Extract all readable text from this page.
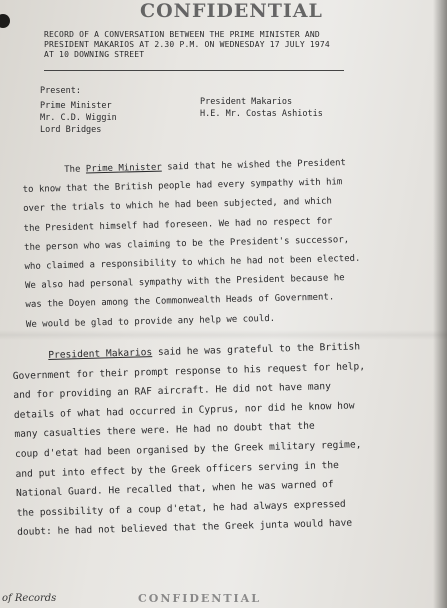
CONFIDENTIAL
RECORD OF A CONVERSATION BETWEEN THE PRIME MINISTER AND
PRESIDENT MAKARIOS AT 2.30 P.M. ON WEDNESDAY 17 JULY 1974
AT 10 DOWNING STREET
Present:
Prime Minister
Mr. C.D. Wiggin
Lord Bridges
President Makarios
H.E. Mr. Costas Ashiotis
The Prime Minister said that he wished the President
to know that the British people had every sympathy with him
over the trials to which he had been subjected, and which
the President himself had foreseen. We had no respect for
the person who was claiming to be the President's successor,
who claimed a responsibility to which he had not been elected.
We also had personal sympathy with the President because he
was the Doyen among the Commonwealth Heads of Government.
We would be glad to provide any help we could.
President Makarios said he was grateful to the British
Government for their prompt response to his request for help,
and for providing an RAF aircraft. He did not have many
details of what had occurred in Cyprus, nor did he know how
many casualties there were. He had no doubt that the
coup d'etat had been organised by the Greek military regime,
and put into effect by the Greek officers serving in the
National Guard. He recalled that, when he was warned of
the possibility of a coup d'etat, he had always expressed
doubt: he had not believed that the Greek junta would have
of Records	CONFIDENTIAL
